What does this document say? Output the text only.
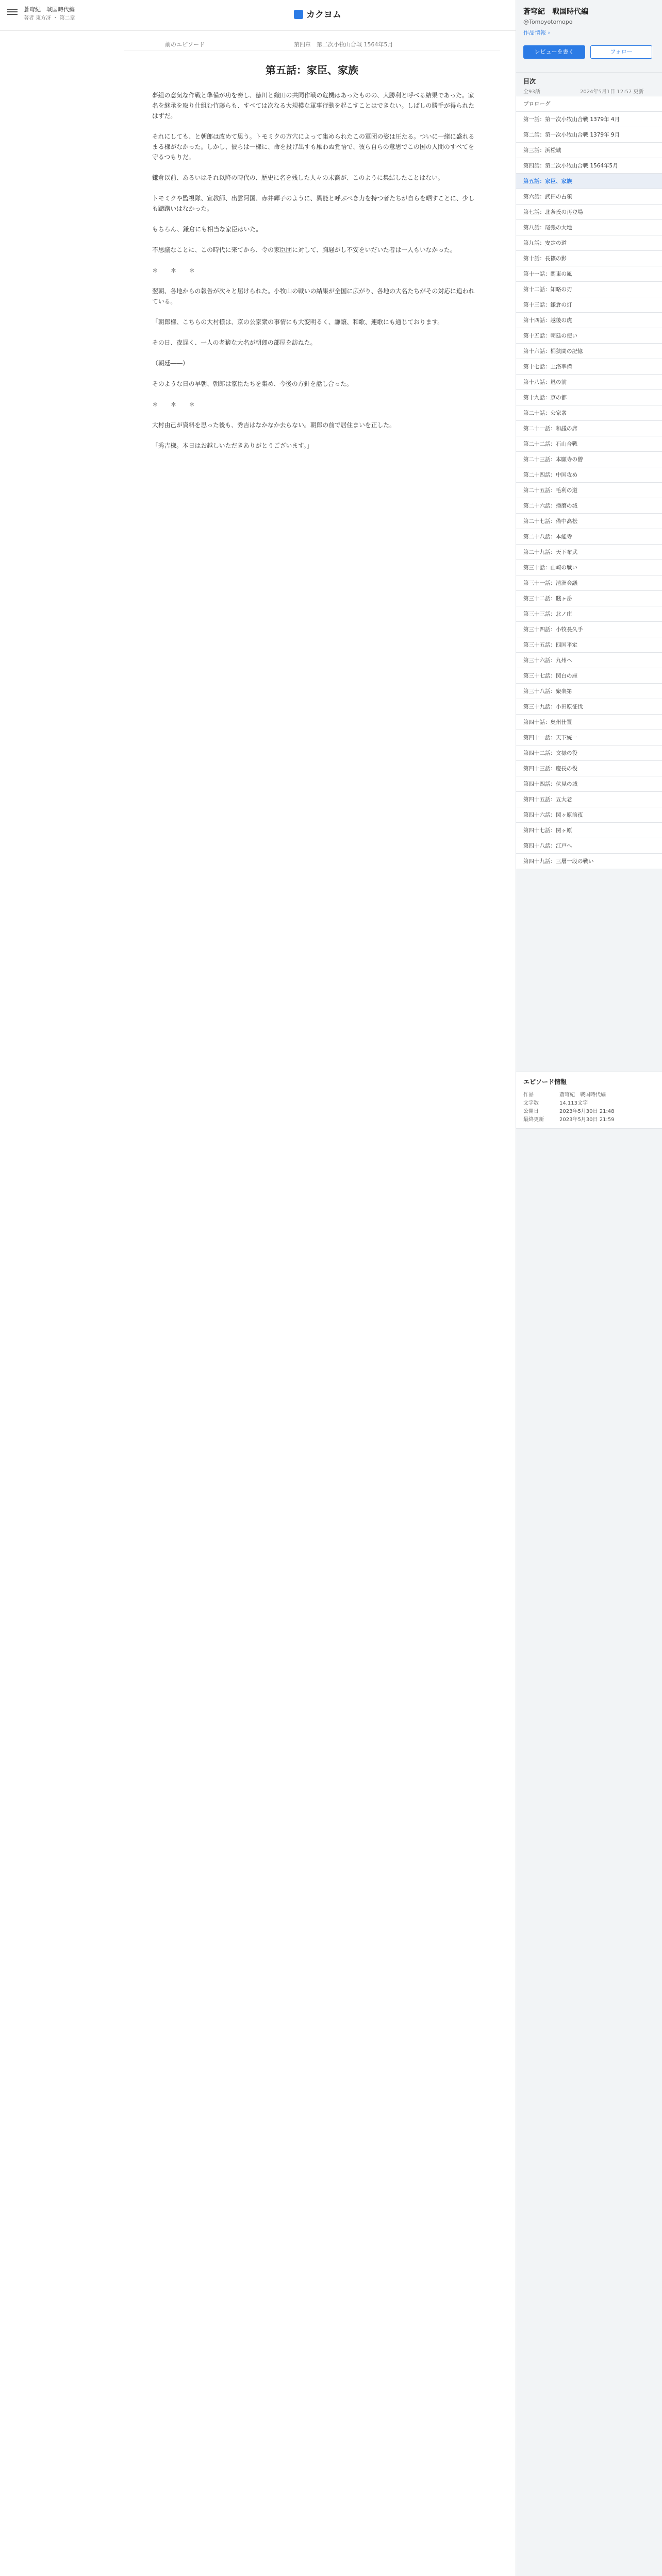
蒼穹紀　戦国時代編
著者 東方冴 ・ 第二章	カクヨム
前のエピソード	第四章　第二次小牧山合戦 1564年5月
第五話：家臣、家族

夢組の意気な作戦と準備が功を奏し、徳川と織田の共同作戦の危機はあったものの、大勝利と呼べる結果であった。家名を継承を取り仕組む竹藤らも、すべては次なる大規模な軍事行動を起こすことはできない。しばしの勝手が得られたはずだ。

それにしても、と朝郎は改めて思う。トモミクの方穴によって集められたこの軍団の姿は圧たる。ついに一緒に盛れるまる様がなかった。しかし、彼らは一様に、命を投げ出すも厭わぬ覚悟で、彼ら自らの意思でこの国の人間のすべてを守るつもりだ。

鎌倉以前、あるいはそれ以降の時代の、歴史に名を残した人々の末裔が、このように集結したことはない。

トモミクや監視隊、宣教師、出雲阿国、赤井輝子のように、異能と呼ぶべき力を持つ者たちが自らを晒すことに、少しも躊躇いはなかった。

もちろん、鎌倉にも相当な家臣はいた。

不思議なことに、この時代に来てから、令の家臣団に対して、胸騒がし不安をいだいた者は一人もいなかった。

＊　＊　＊

翌朝、各地からの報告が次々と届けられた。小牧山の戦いの結果が全国に広がり、各地の大名たちがその対応に追われている。

「朝郎様、こちらの大村様は、京の公家衆の事情にも大変明るく、謙譲、和歌、連歌にも通じております。

その日、夜遅く、一人の老獪な大名が朝郎の部屋を訪ねた。

（朝廷――）

そのような日の早朝、朝郎は家臣たちを集め、今後の方針を話し合った。

＊　＊　＊

大村由己が資料を思った後も、秀吉はなかなか去らない。朝郎の前で居住まいを正した。

「秀吉様。本日はお越しいただきありがとうございます。」

蒼穹紀　戦国時代編
@Tomoyotomopo
作品情報 ›
レビューを書く	フォロー
目次
全93話	2024年5月1日 12:57 更新
プロローグ
第一話：第一次小牧山合戦 1379年 4月
第二話：第一次小牧山合戦 1379年 9月
第三話：浜松城
第四話：第二次小牧山合戦 1564年5月
第五話：家臣、家族
第六話：武田の占領
第七話：北条氏の再登場
第八話：尾張の大地
第九話：安定の道
第十話：長篠の影
第十一話：関東の風
第十二話：知略の刃
第十三話：鎌倉の灯
第十四話：越後の虎
第十五話：朝廷の使い
第十六話：桶狭間の記憶
第十七話：上洛準備
第十八話：嵐の前
第十九話：京の都
第二十話：公家衆
第二十一話：和議の席
第二十二話：石山合戦
第二十三話：本願寺の僧
第二十四話：中国攻め
第二十五話：毛利の道
第二十六話：播磨の城
第二十七話：備中高松
第二十八話：本能寺
第二十九話：天下布武
第三十話：山崎の戦い
第三十一話：清洲会議
第三十二話：賤ヶ岳
第三十三話：北ノ庄
第三十四話：小牧長久手
第三十五話：四国平定
第三十六話：九州へ
第三十七話：関白の座
第三十八話：聚楽第
第三十九話：小田原征伐
第四十話：奥州仕置
第四十一話：天下統一
第四十二話：文禄の役
第四十三話：慶長の役
第四十四話：伏見の城
第四十五話：五大老
第四十六話：関ヶ原前夜
第四十七話：関ヶ原
第四十八話：江戸へ
第四十九話：三層一段の戦い
エピソード情報
作品	蒼穹紀　戦国時代編
文字数	14,113文字
公開日	2023年5月30日 21:48
最終更新	2023年5月30日 21:59
